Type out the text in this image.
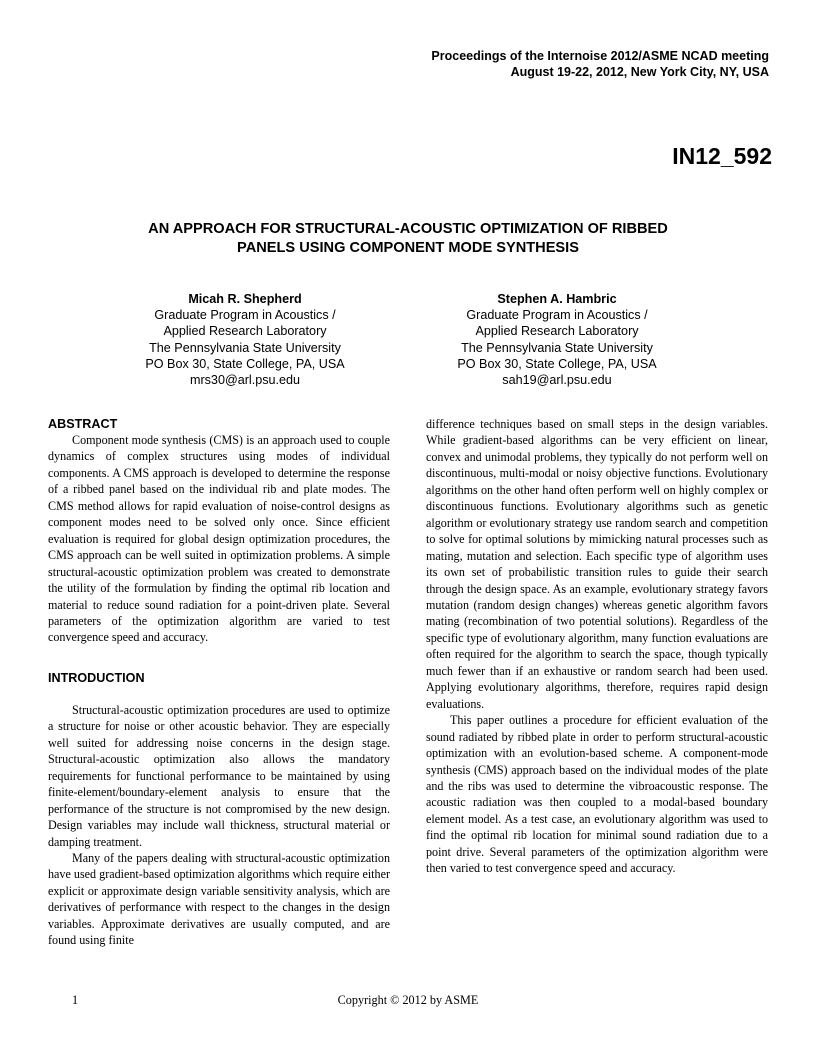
Proceedings of the Internoise 2012/ASME NCAD meeting
August 19-22, 2012, New York City, NY, USA
IN12_592
AN APPROACH FOR STRUCTURAL-ACOUSTIC OPTIMIZATION OF RIBBED
PANELS USING COMPONENT MODE SYNTHESIS
Micah R. Shepherd
Graduate Program in Acoustics /
Applied Research Laboratory
The Pennsylvania State University
PO Box 30, State College, PA, USA
mrs30@arl.psu.edu
Stephen A. Hambric
Graduate Program in Acoustics /
Applied Research Laboratory
The Pennsylvania State University
PO Box 30, State College, PA, USA
sah19@arl.psu.edu
ABSTRACT

Component mode synthesis (CMS) is an approach used to couple dynamics of complex structures using modes of individual components. A CMS approach is developed to determine the response of a ribbed panel based on the individual rib and plate modes. The CMS method allows for rapid evaluation of noise-control designs as component modes need to be solved only once. Since efficient evaluation is required for global design optimization procedures, the CMS approach can be well suited in optimization problems. A simple structural-acoustic optimization problem was created to demonstrate the utility of the formulation by finding the optimal rib location and material to reduce sound radiation for a point-driven plate. Several parameters of the optimization algorithm are varied to test convergence speed and accuracy.

INTRODUCTION

Structural-acoustic optimization procedures are used to optimize a structure for noise or other acoustic behavior. They are especially well suited for addressing noise concerns in the design stage. Structural-acoustic optimization also allows the mandatory requirements for functional performance to be maintained by using finite-element/boundary-element analysis to ensure that the performance of the structure is not compromised by the new design. Design variables may include wall thickness, structural material or damping treatment.

Many of the papers dealing with structural-acoustic optimization have used gradient-based optimization algorithms which require either explicit or approximate design variable sensitivity analysis, which are derivatives of performance with respect to the changes in the design variables. Approximate derivatives are usually computed, and are found using finite

difference techniques based on small steps in the design variables. While gradient-based algorithms can be very efficient on linear, convex and unimodal problems, they typically do not perform well on discontinuous, multi-modal or noisy objective functions. Evolutionary algorithms on the other hand often perform well on highly complex or discontinuous functions. Evolutionary algorithms such as genetic algorithm or evolutionary strategy use random search and competition to solve for optimal solutions by mimicking natural processes such as mating, mutation and selection. Each specific type of algorithm uses its own set of probabilistic transition rules to guide their search through the design space. As an example, evolutionary strategy favors mutation (random design changes) whereas genetic algorithm favors mating (recombination of two potential solutions). Regardless of the specific type of evolutionary algorithm, many function evaluations are often required for the algorithm to search the space, though typically much fewer than if an exhaustive or random search had been used. Applying evolutionary algorithms, therefore, requires rapid design evaluations.

This paper outlines a procedure for efficient evaluation of the sound radiated by ribbed plate in order to perform structural-acoustic optimization with an evolution-based scheme. A component-mode synthesis (CMS) approach based on the individual modes of the plate and the ribs was used to determine the vibroacoustic response. The acoustic radiation was then coupled to a modal-based boundary element model. As a test case, an evolutionary algorithm was used to find the optimal rib location for minimal sound radiation due to a point drive. Several parameters of the optimization algorithm were then varied to test convergence speed and accuracy.

1	Copyright © 2012 by ASME
